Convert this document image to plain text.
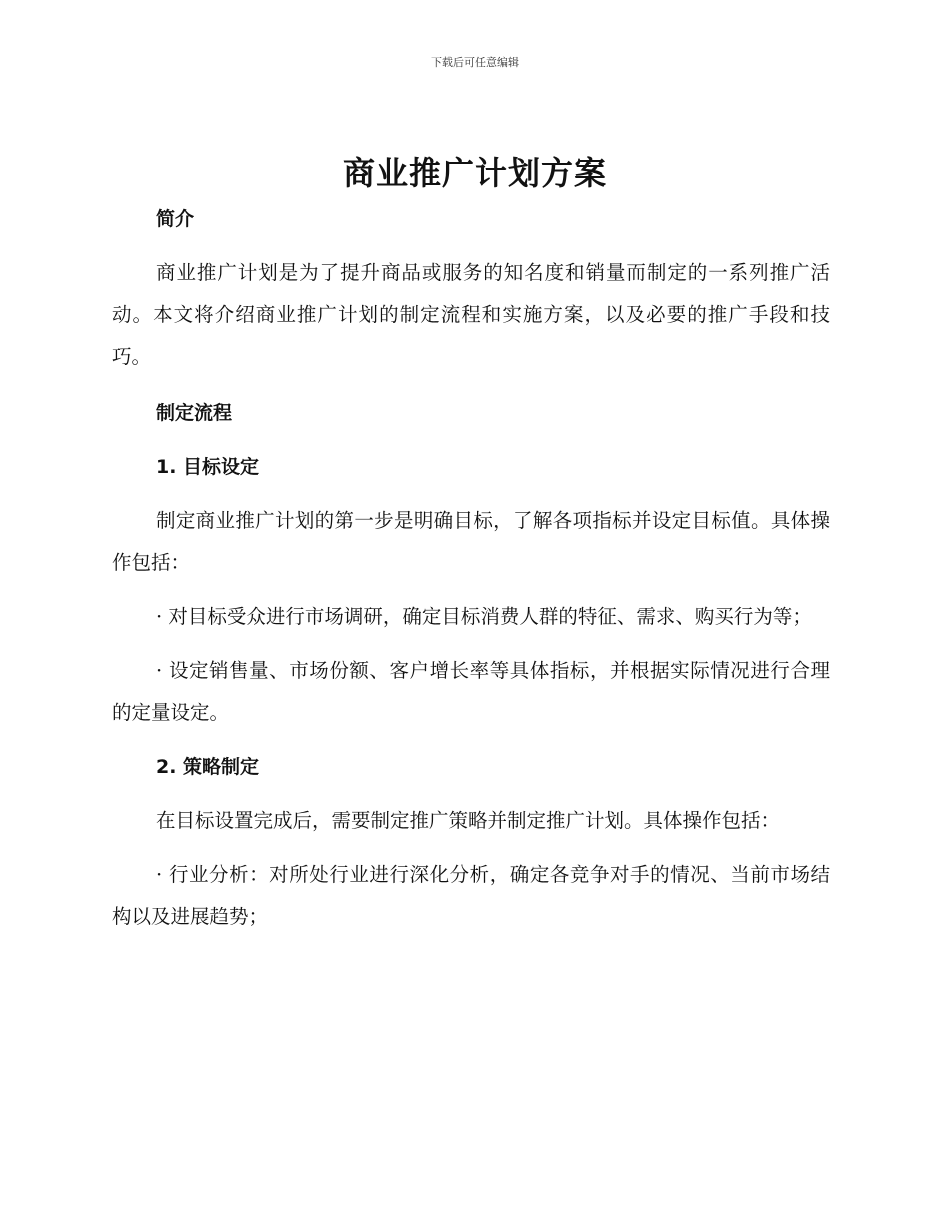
下载后可任意编辑
商业推广计划方案

简介

商业推广计划是为了提升商品或服务的知名度和销量而制定的一系列推广活动。本文将介绍商业推广计划的制定流程和实施方案，以及必要的推广手段和技巧。

制定流程

1. 目标设定

制定商业推广计划的第一步是明确目标，了解各项指标并设定目标值。具体操作包括：

· 对目标受众进行市场调研，确定目标消费人群的特征、需求、购买行为等；

· 设定销售量、市场份额、客户增长率等具体指标，并根据实际情况进行合理的定量设定。

2. 策略制定

在目标设置完成后，需要制定推广策略并制定推广计划。具体操作包括：

· 行业分析：对所处行业进行深化分析，确定各竞争对手的情况、当前市场结构以及进展趋势；
